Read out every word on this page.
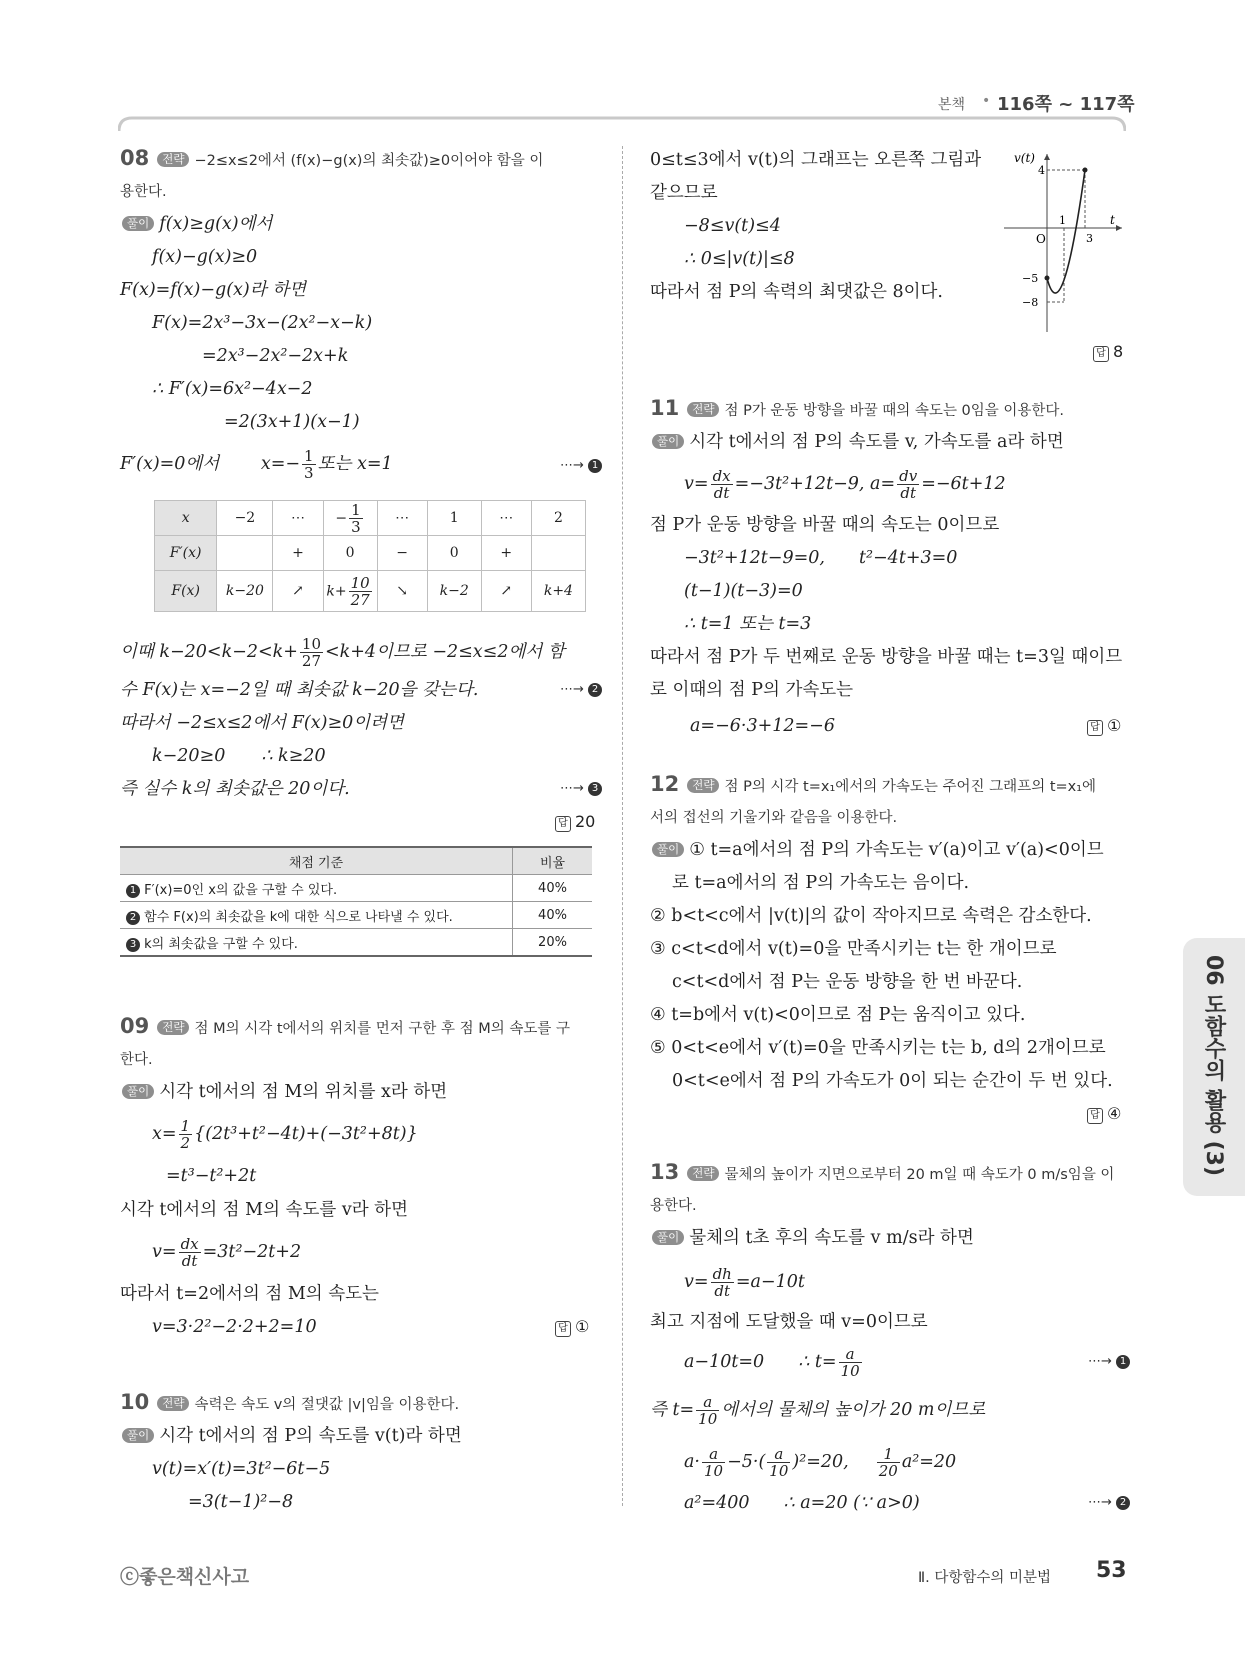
본책 • 116쪽 ~ 117쪽
08 전략 −2≤x≤2에서 (f(x)−g(x)의 최솟값)≥0이어야 함을 이
용한다.
풀이 f(x)≥g(x)에서
f(x)−g(x)≥0
F(x)=f(x)−g(x)라 하면
F(x)=2x³−3x−(2x²−x−k)
=2x³−2x²−2x+k
∴ F′(x)=6x²−4x−2
=2(3x+1)(x−1)
F′(x)=0에서 $x=- \frac{1}{3}$ 또는 x=1	⋯→ 1
x	−2	⋯	− $\frac{1}{3}$	⋯	1	⋯	2
F′(x)		+	0	−	0	+	
F(x)	k−20	↗	$k+ \frac{10}{27}$	↘	k−2	↗	k+4
이때 $k-20<k-2<k+ \frac{10}{27} <k+4$이므로 −2≤x≤2에서 함
수 F(x)는 x=−2일 때 최솟값 k−20을 갖는다.	⋯→ 2
따라서 −2≤x≤2에서 F(x)≥0이려면
k−20≥0 ∴ k≥20
즉 실수 k의 최솟값은 20이다.	⋯→ 3
답 20
채점 기준	비율
1 F′(x)=0인 x의 값을 구할 수 있다.	40%
2 함수 F(x)의 최솟값을 k에 대한 식으로 나타낼 수 있다.	40%
3 k의 최솟값을 구할 수 있다.	20%
09 전략 점 M의 시각 t에서의 위치를 먼저 구한 후 점 M의 속도를 구
한다.
풀이 시각 t에서의 점 M의 위치를 x라 하면
$x= \frac{1}{2} \{(2t^3+t^2-4t)+(-3t^2+8t)\}$
=t³−t²+2t
시각 t에서의 점 M의 속도를 v라 하면
$v= \frac{dx}{dt} =3t^2-2t+2$
따라서 t=2에서의 점 M의 속도는
v=3·2²−2·2+2=10	답 ①
10 전략 속력은 속도 v의 절댓값 |v|임을 이용한다.
풀이 시각 t에서의 점 P의 속도를 v(t)라 하면
v(t)=x′(t)=3t²−6t−5
=3(t−1)²−8
0≤t≤3에서 v(t)의 그래프는 오른쪽 그림과
같으므로
−8≤v(t)≤4
∴ 0≤|v(t)|≤8
따라서 점 P의 속력의 최댓값은 8이다.
v(t)
t
O
4
1
3
−5
−8
답 8
11 전략 점 P가 운동 방향을 바꿀 때의 속도는 0임을 이용한다.
풀이 시각 t에서의 점 P의 속도를 v, 가속도를 a라 하면
$v= \frac{dx}{dt} =-3t^2+12t-9$, $a= \frac{dv}{dt} =-6t+12$
점 P가 운동 방향을 바꿀 때의 속도는 0이므로
−3t²+12t−9=0, t²−4t+3=0
(t−1)(t−3)=0
∴ t=1 또는 t=3
따라서 점 P가 두 번째로 운동 방향을 바꿀 때는 t=3일 때이므
로 이때의 점 P의 가속도는
a=−6·3+12=−6	답 ①
12 전략 점 P의 시각 t=x₁에서의 가속도는 주어진 그래프의 t=x₁에
서의 접선의 기울기와 같음을 이용한다.
풀이 ① t=a에서의 점 P의 가속도는 v′(a)이고 v′(a)<0이므
로 t=a에서의 점 P의 가속도는 음이다.
② b<t<c에서 |v(t)|의 값이 작아지므로 속력은 감소한다.
③ c<t<d에서 v(t)=0을 만족시키는 t는 한 개이므로
c<t<d에서 점 P는 운동 방향을 한 번 바꾼다.
④ t=b에서 v(t)<0이므로 점 P는 움직이고 있다.
⑤ 0<t<e에서 v′(t)=0을 만족시키는 t는 b, d의 2개이므로
0<t<e에서 점 P의 가속도가 0이 되는 순간이 두 번 있다.
답 ④
13 전략 물체의 높이가 지면으로부터 20 m일 때 속도가 0 m/s임을 이
용한다.
풀이 물체의 t초 후의 속도를 v m/s라 하면
$v= \frac{dh}{dt} =a-10t$
최고 지점에 도달했을 때 v=0이므로
a−10t=0 ∴ $t= \frac{a}{10}$	⋯→ 1
즉 $t= \frac{a}{10}$ 에서의 물체의 높이가 20 m이므로
$a\cdot \frac{a}{10} -5\cdot( \frac{a}{10} )^2=20$, $\frac{1}{20} a^2=20$
a²=400 ∴ a=20 (∵ a>0)	⋯→ 2
06 도함수의 활용 (3)
ⓒ좋은책신사고	Ⅱ. 다항함수의 미분법 53
